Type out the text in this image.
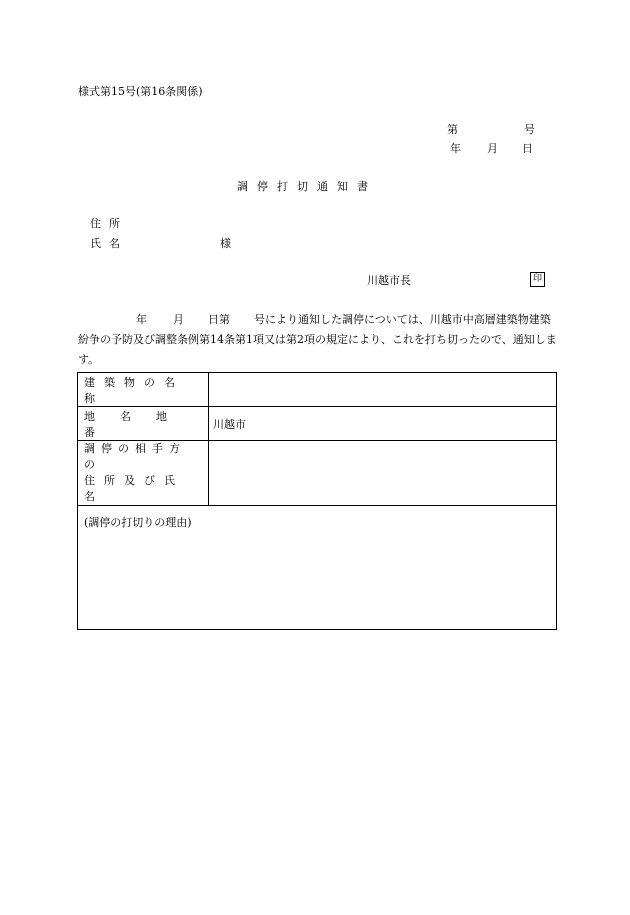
様式第15号(第16条関係)
第	号
年 月 日
調停打切通知書
住所
氏名	様
川越市長	印
年 月 日第 号により通知した調停については、川越市中高層建築物建築紛争の予防及び調整条例第14条第1項又は第2項の規定により、これを打ち切ったので、通知します。
建築物の名称	
地 名 地番	川越市

調停の相手方の
住所及び氏名	

(調停の打切りの理由)	
